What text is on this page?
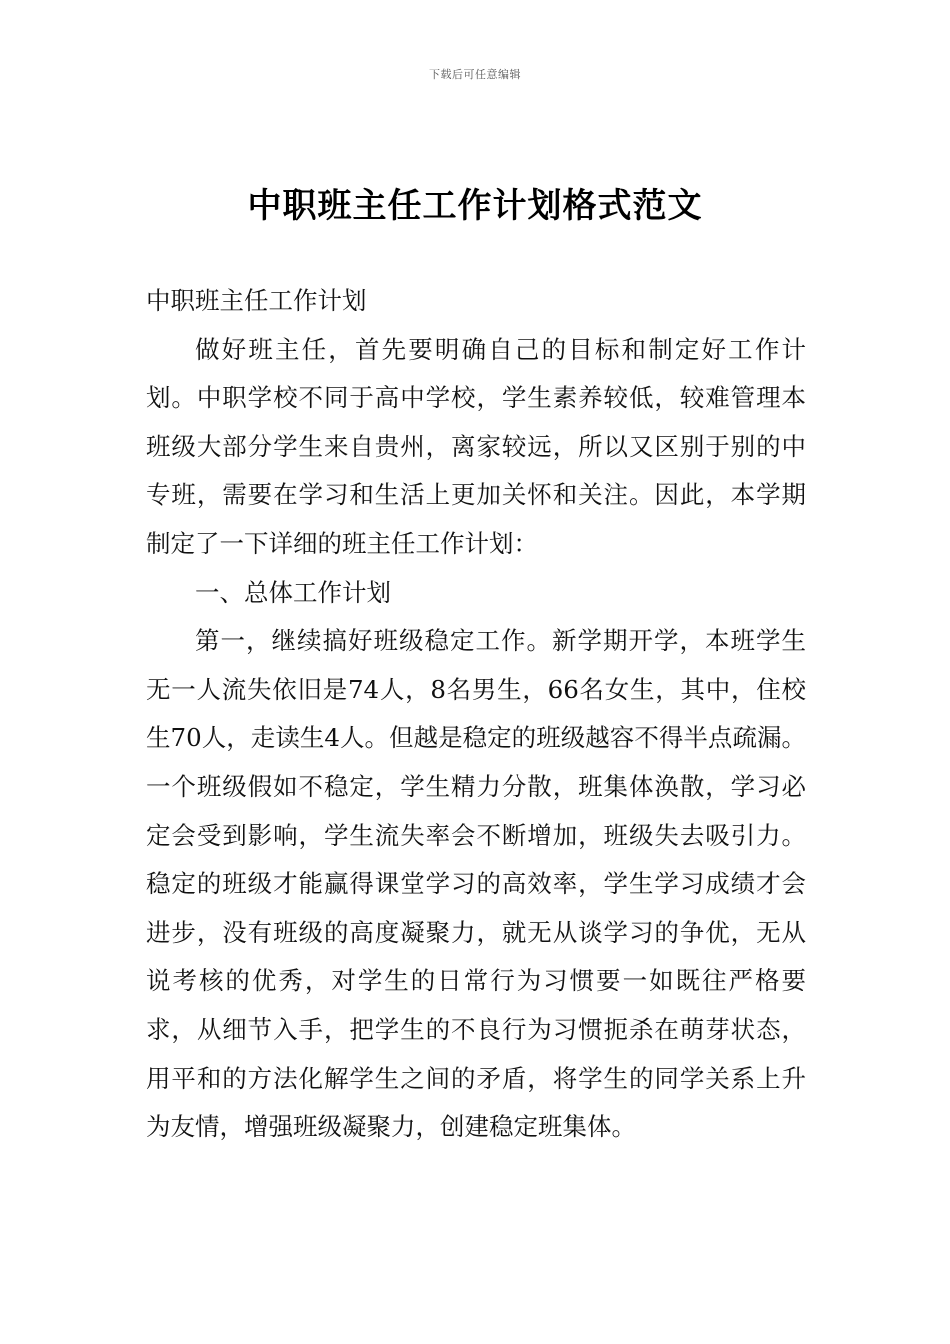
下载后可任意编辑
中职班主任工作计划格式范文

中职班主任工作计划

做好班主任，首先要明确自己的目标和制定好工作计划。中职学校不同于高中学校，学生素养较低，较难管理本班级大部分学生来自贵州，离家较远，所以又区别于别的中专班，需要在学习和生活上更加关怀和关注。因此，本学期制定了一下详细的班主任工作计划：

一、总体工作计划

第一，继续搞好班级稳定工作。新学期开学，本班学生无一人流失依旧是74人，8名男生，66名女生，其中，住校生70人，走读生4人。但越是稳定的班级越容不得半点疏漏。一个班级假如不稳定，学生精力分散，班集体涣散，学习必定会受到影响，学生流失率会不断增加，班级失去吸引力。稳定的班级才能赢得课堂学习的高效率，学生学习成绩才会进步，没有班级的高度凝聚力，就无从谈学习的争优，无从说考核的优秀，对学生的日常行为习惯要一如既往严格要求，从细节入手，把学生的不良行为习惯扼杀在萌芽状态，用平和的方法化解学生之间的矛盾，将学生的同学关系上升为友情，增强班级凝聚力，创建稳定班集体。
